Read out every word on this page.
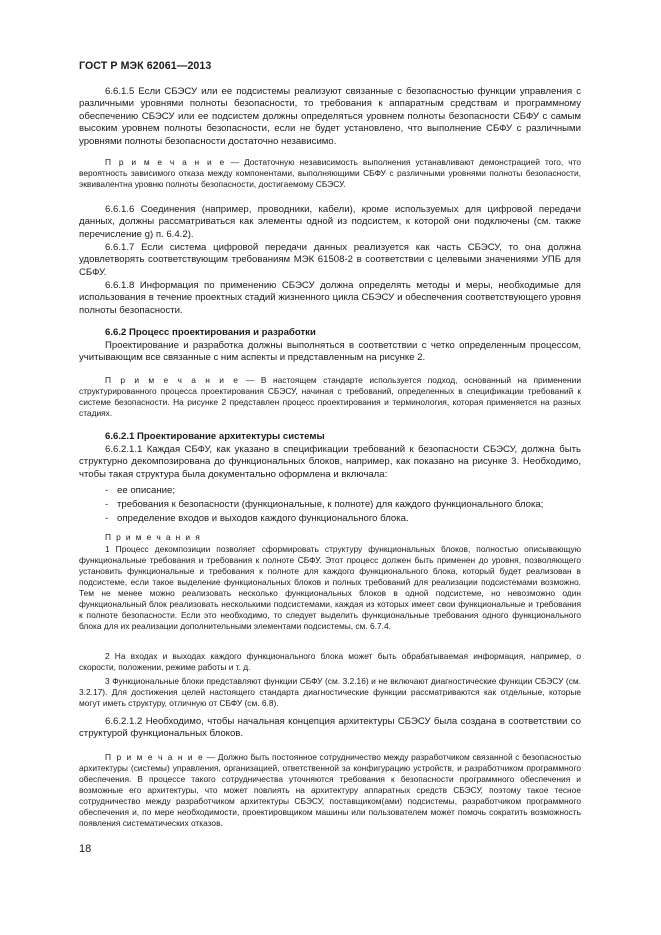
ГОСТ Р МЭК 62061—2013

6.6.1.5 Если СБЭСУ или ее подсистемы реализуют связанные с безопасностью функции управления с различными уровнями полноты безопасности, то требования к аппаратным средствам и программному обеспечению СБЭСУ или ее подсистем должны определяться уровнем полноты безопасности СБФУ с самым высоким уровнем полноты безопасности, если не будет установлено, что выполнение СБФУ с различными уровнями полноты безопасности достаточно независимо.

П р и м е ч а н и е — Достаточную независимость выполнения устанавливают демонстрацией того, что вероятность зависимого отказа между компонентами, выполняющими СБФУ с различными уровнями полноты безопасности, эквивалентна уровню полноты безопасности, достигаемому СБЭСУ.

6.6.1.6 Соединения (например, проводники, кабели), кроме используемых для цифровой передачи данных, должны рассматриваться как элементы одной из подсистем, к которой они подключены (см. также перечисление g) п. 6.4.2).

6.6.1.7 Если система цифровой передачи данных реализуется как часть СБЭСУ, то она должна удовлетворять соответствующим требованиям МЭК 61508-2 в соответствии с целевыми значениями УПБ для СБФУ.

6.6.1.8 Информация по применению СБЭСУ должна определять методы и меры, необходимые для использования в течение проектных стадий жизненного цикла СБЭСУ и обеспечения соответствующего уровня полноты безопасности.

6.6.2 Процесс проектирования и разработки

Проектирование и разработка должны выполняться в соответствии с четко определенным процессом, учитывающим все связанные с ним аспекты и представленным на рисунке 2.

П р и м е ч а н и е — В настоящем стандарте используется подход, основанный на применении структурированного процесса проектирования СБЭСУ, начиная с требований, определенных в спецификации требований к системе безопасности. На рисунке 2 представлен процесс проектирования и терминология, которая применяется на разных стадиях.

6.6.2.1 Проектирование архитектуры системы

6.6.2.1.1 Каждая СБФУ, как указано в спецификации требований к безопасности СБЭСУ, должна быть структурно декомпозирована до функциональных блоков, например, как показано на рисунке 3. Необходимо, чтобы такая структура была документально оформлена и включала:

- ее описание;
- требования к безопасности (функциональные, к полноте) для каждого функционального блока;
- определение входов и выходов каждого функционального блока.

П р и м е ч а н и я

1 Процесс декомпозиции позволяет сформировать структуру функциональных блоков, полностью описывающую функциональные требования и требования к полноте СБФУ. Этот процесс должен быть применен до уровня, позволяющего установить функциональные и требования к полноте для каждого функционального блока, который будет реализован в подсистеме, если такое выделение функциональных блоков и полных требований для реализации подсистемами возможно. Тем не менее можно реализовать несколько функциональных блоков в одной подсистеме, но невозможно один функциональный блок реализовать несколькими подсистемами, каждая из которых имеет свои функциональные и требования к полноте безопасности. Если это необходимо, то следует выделить функциональные требования одного функционального блока для их реализации дополнительными элементами подсистемы, см. 6.7.4.

2 На входах и выходах каждого функционального блока может быть обрабатываемая информация, например, о скорости, положении, режиме работы и т. д.

3 Функциональные блоки представляют функции СБФУ (см. 3.2.16) и не включают диагностические функции СБЭСУ (см. 3.2.17). Для достижения целей настоящего стандарта диагностические функции рассматриваются как отдельные, которые могут иметь структуру, отличную от СБФУ (см. 6.8).

6.6.2.1.2 Необходимо, чтобы начальная концепция архитектуры СБЭСУ была создана в соответствии со структурой функциональных блоков.

П р и м е ч а н и е — Должно быть постоянное сотрудничество между разработчиком связанной с безопасностью архитектуры (системы) управления, организацией, ответственной за конфигурацию устройств, и разработчиком программного обеспечения. В процессе такого сотрудничества уточняются требования к безопасности программного обеспечения и возможные его архитектуры, что может повлиять на архитектуру аппаратных средств СБЭСУ, поэтому такое тесное сотрудничество между разработчиком архитектуры СБЭСУ, поставщиком(ами) подсистемы, разработчиком программного обеспечения и, по мере необходимости, проектировщиком машины или пользователем может помочь сократить возможность появления систематических отказов.

18
